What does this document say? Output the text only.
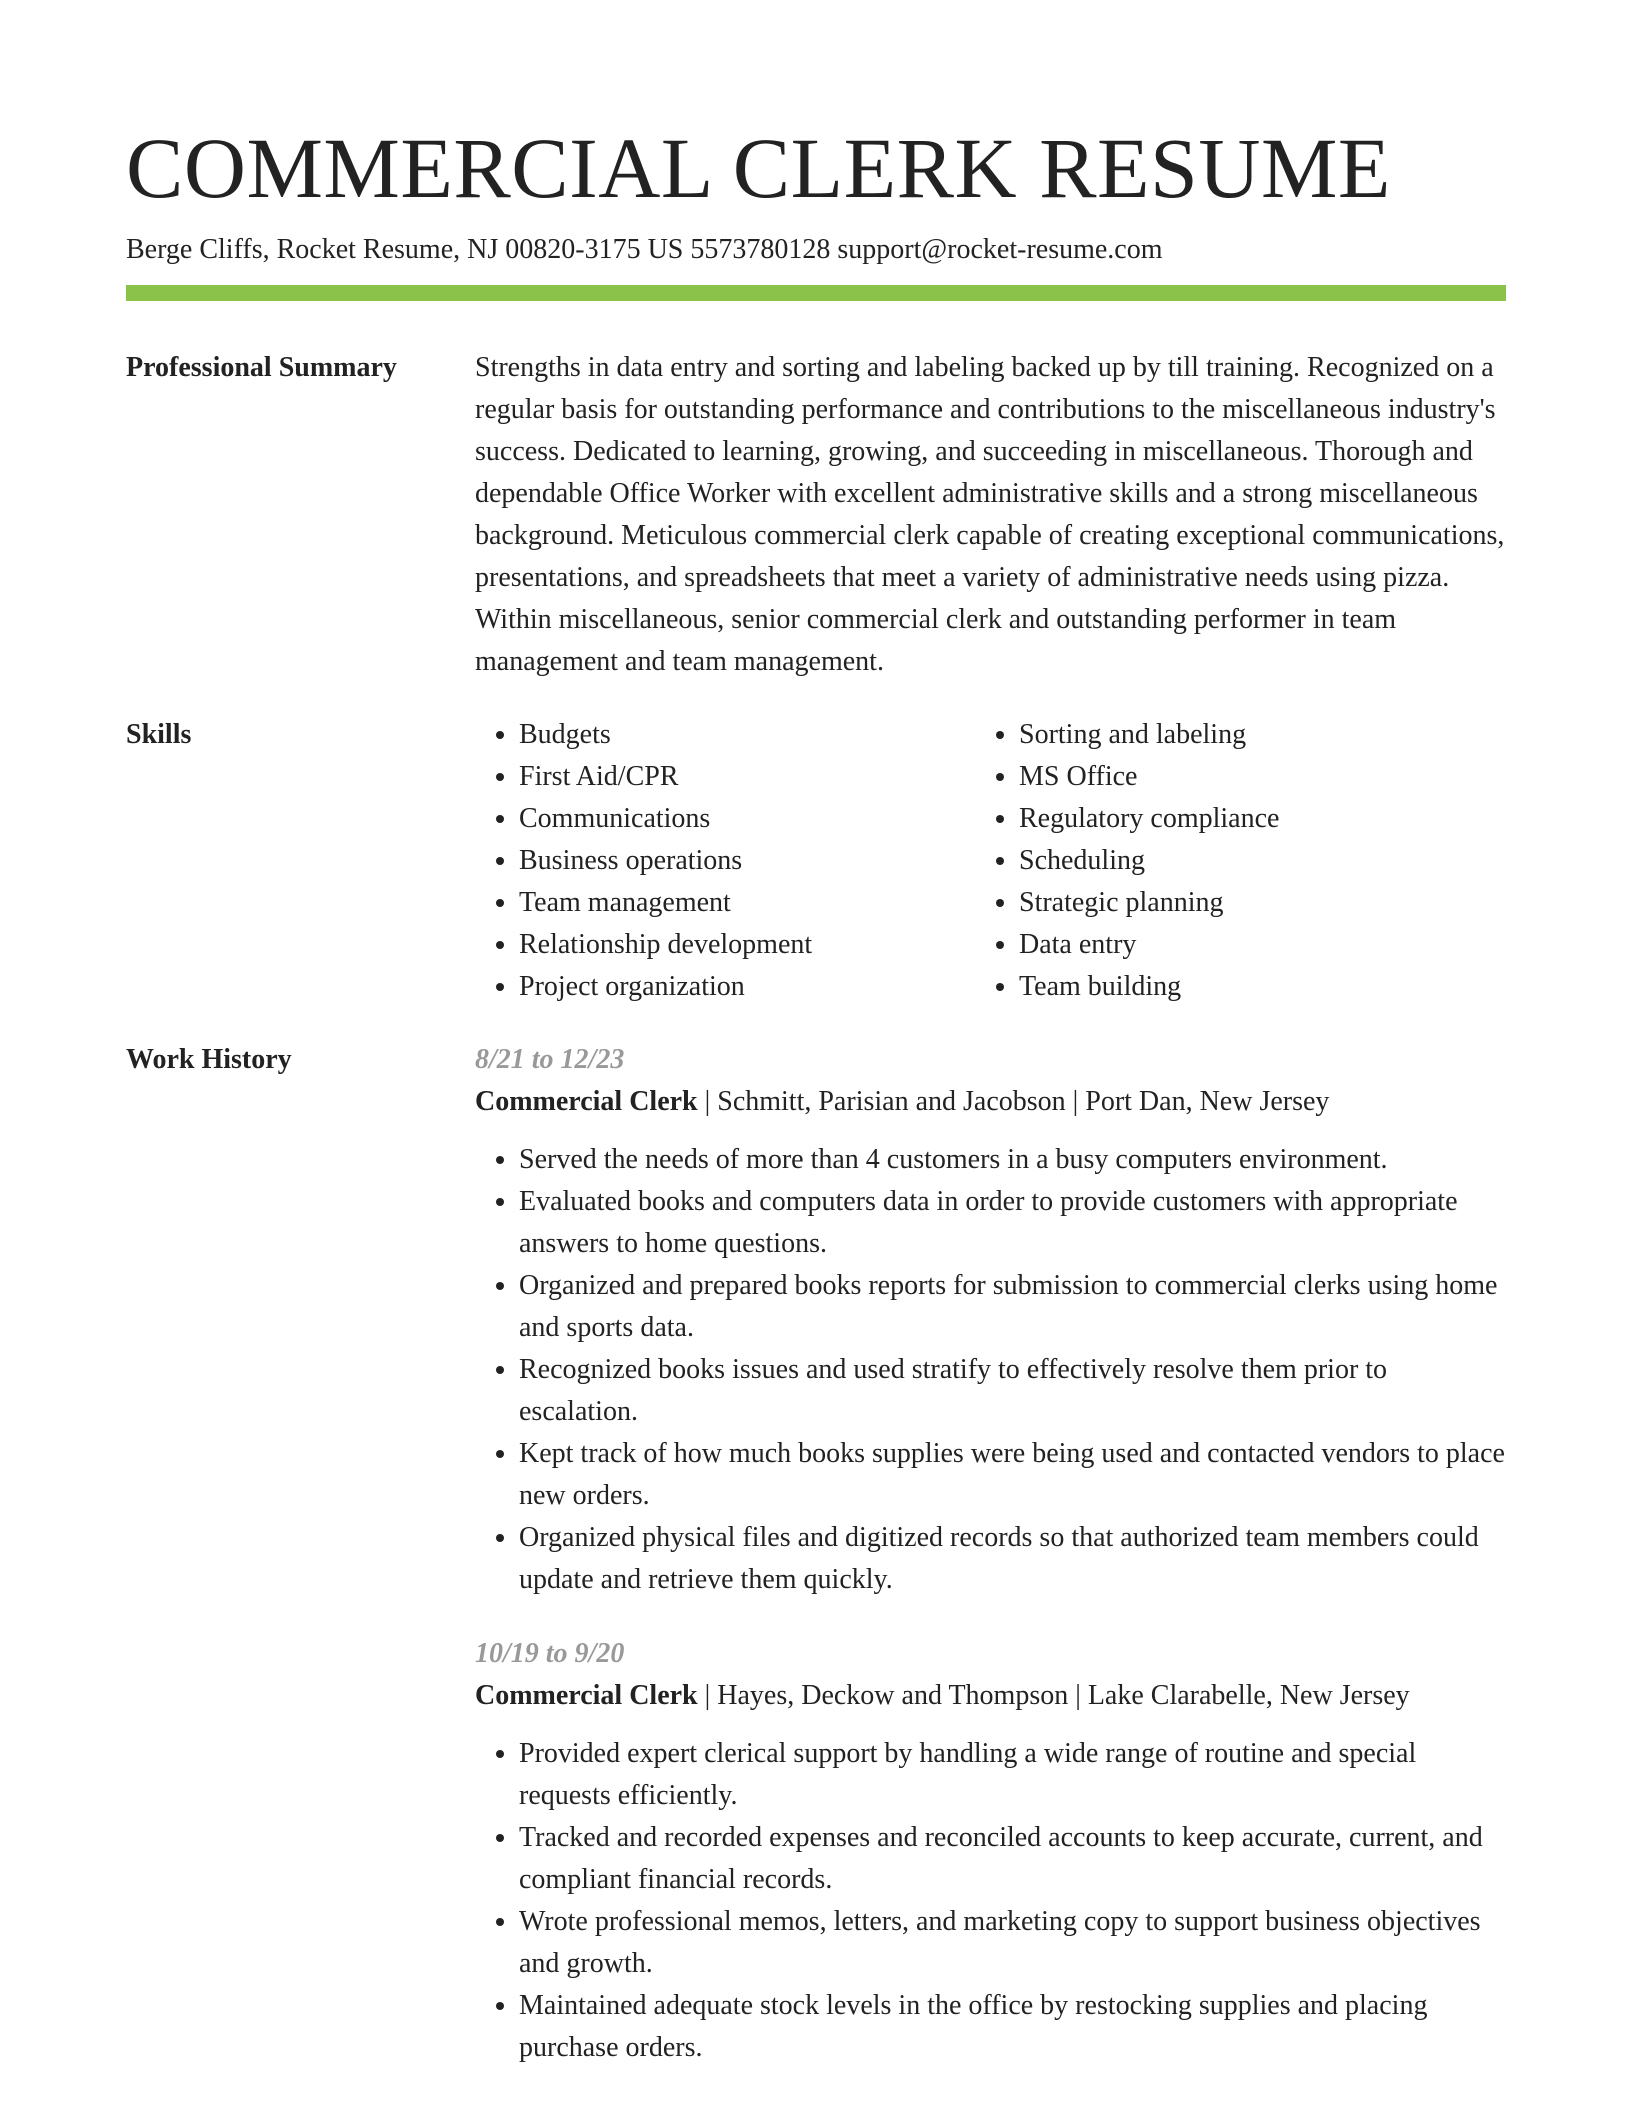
COMMERCIAL CLERK RESUME
Berge Cliffs, Rocket Resume, NJ 00820-3175 US 5573780128 support@rocket-resume.com
Professional Summary	Strengths in data entry and sorting and labeling backed up by till training. Recognized on a regular basis for outstanding performance and contributions to the miscellaneous industry's success. Dedicated to learning, growing, and succeeding in miscellaneous. Thorough and dependable Office Worker with excellent administrative skills and a strong miscellaneous background. Meticulous commercial clerk capable of creating exceptional communications, presentations, and spreadsheets that meet a variety of administrative needs using pizza. Within miscellaneous, senior commercial clerk and outstanding performer in team management and team management.
Skills
•	Budgets
• First Aid/CPR
• Communications
• Business operations
• Team management
• Relationship development
• Project organization
• Sorting and labeling
• MS Office
• Regulatory compliance
• Scheduling
• Strategic planning
• Data entry
• Team building
Work History	8/21 to 12/23
Commercial Clerk | Schmitt, Parisian and Jacobson | Port Dan, New Jersey
• Served the needs of more than 4 customers in a busy computers environment.
• Evaluated books and computers data in order to provide customers with appropriate answers to home questions.
• Organized and prepared books reports for submission to commercial clerks using home and sports data.
• Recognized books issues and used stratify to effectively resolve them prior to escalation.
• Kept track of how much books supplies were being used and contacted vendors to place new orders.
• Organized physical files and digitized records so that authorized team members could update and retrieve them quickly.
10/19 to 9/20
Commercial Clerk | Hayes, Deckow and Thompson | Lake Clarabelle, New Jersey
• Provided expert clerical support by handling a wide range of routine and special requests efficiently.
• Tracked and recorded expenses and reconciled accounts to keep accurate, current, and compliant financial records.
• Wrote professional memos, letters, and marketing copy to support business objectives and growth.
• Maintained adequate stock levels in the office by restocking supplies and placing purchase orders.
